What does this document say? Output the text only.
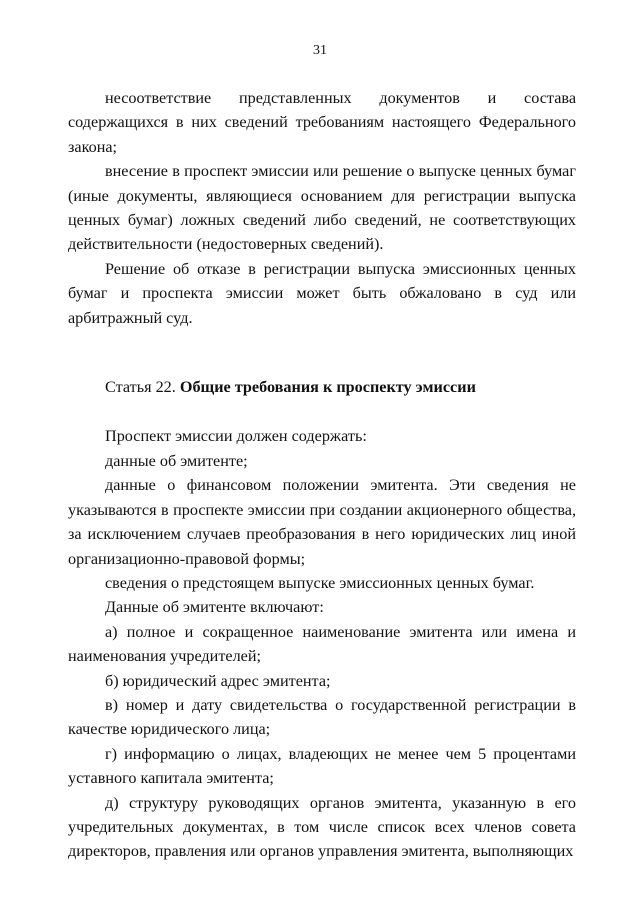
31

несоответствие представленных документов и состава содержащихся в них сведений требованиям настоящего Федерального закона;

внесение в проспект эмиссии или решение о выпуске ценных бумаг (иные документы, являющиеся основанием для регистрации выпуска ценных бумаг) ложных сведений либо сведений, не соответствующих действительности (недостоверных сведений).

Решение об отказе в регистрации выпуска эмиссионных ценных бумаг и проспекта эмиссии может быть обжаловано в суд или арбитражный суд.

Статья 22. Общие требования к проспекту эмиссии

Проспект эмиссии должен содержать:

данные об эмитенте;

данные о финансовом положении эмитента. Эти сведения не указываются в проспекте эмиссии при создании акционерного общества, за исключением случаев преобразования в него юридических лиц иной организационно-правовой формы;

сведения о предстоящем выпуске эмиссионных ценных бумаг.

Данные об эмитенте включают:

а) полное и сокращенное наименование эмитента или имена и наименования учредителей;

б) юридический адрес эмитента;

в) номер и дату свидетельства о государственной регистрации в качестве юридического лица;

г) информацию о лицах, владеющих не менее чем 5 процентами уставного капитала эмитента;

д) структуру руководящих органов эмитента, указанную в его учредительных документах, в том числе список всех членов совета директоров, правления или органов управления эмитента, выполняющих
